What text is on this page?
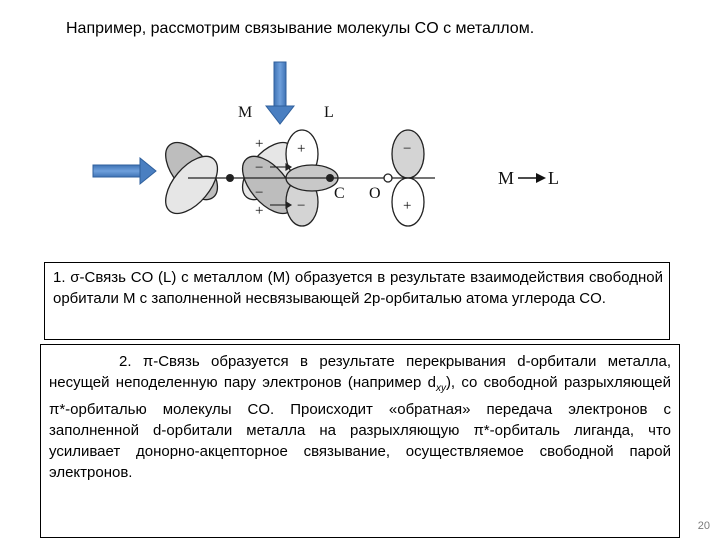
Например, рассмотрим связывание молекулы CO с металлом.
+
−
−
+
+
−
−
+
M	L
C O
M L

1. σ-Связь CO (L) с металлом (M) образуется в результате взаимодействия свободной орбитали M с заполненной несвязывающей 2p-орбиталью атома углерода CO.

2. π-Связь образуется в результате перекрывания d-орбитали металла, несущей неподеленную пару электронов (например $d_{xy}$), со свободной разрыхляющей π*-орбиталью молекулы CO. Происходит «обратная» передача электронов с заполненной d-орбитали металла на разрыхляющую π*-орбиталь лиганда, что усиливает донорно-акцепторное связывание, осуществляемое свободной парой электронов.

20
